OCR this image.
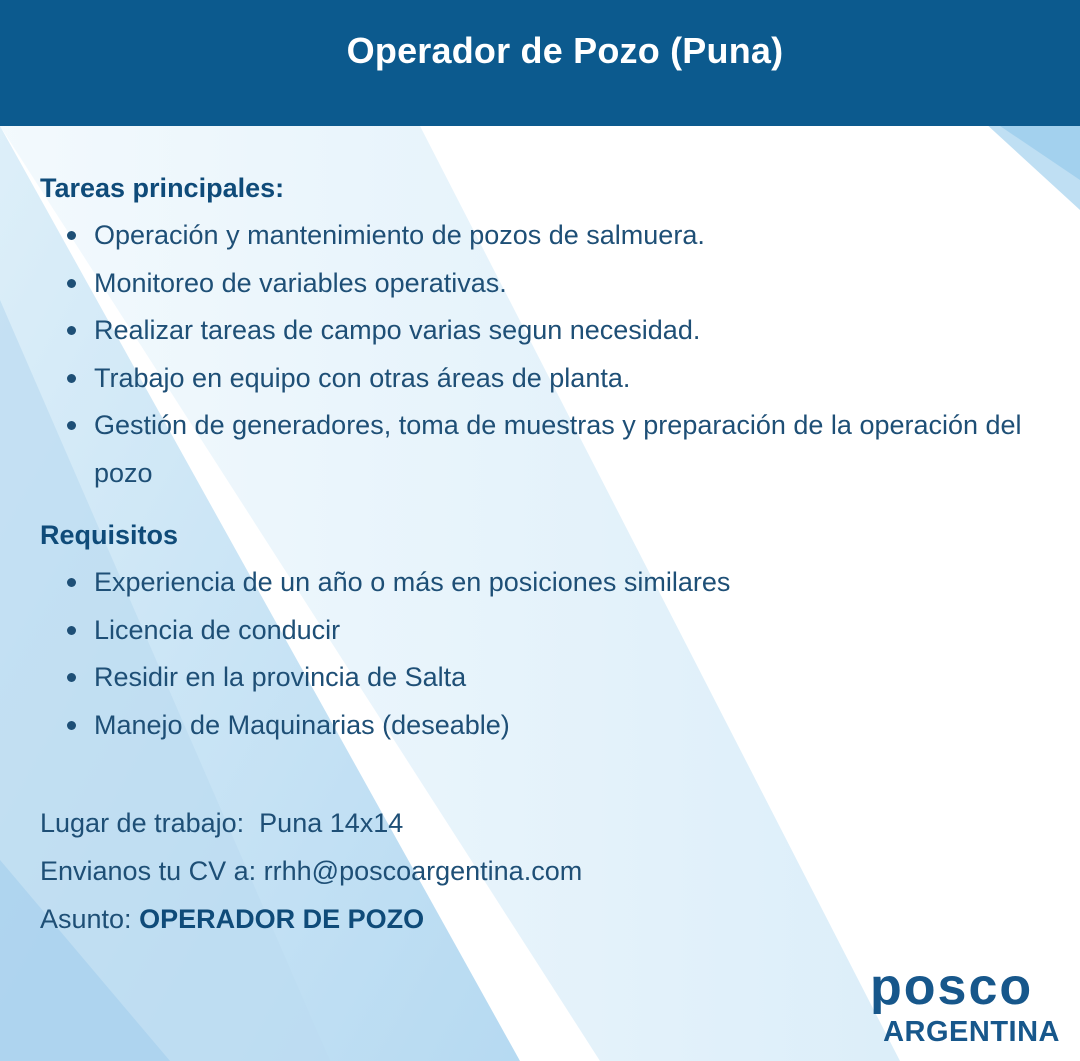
Operador de Pozo (Puna)
Tareas principales:
Operación y mantenimiento de pozos de salmuera.
Monitoreo de variables operativas.
Realizar tareas de campo varias segun necesidad.
Trabajo en equipo con otras áreas de planta.
Gestión de generadores, toma de muestras y preparación de la operación del pozo
Requisitos
Experiencia de un año o más en posiciones similares
Licencia de conducir
Residir en la provincia de Salta
Manejo de Maquinarias (deseable)
Lugar de trabajo: Puna 14x14
Envianos tu CV a: rrhh@poscoargentina.com
Asunto: OPERADOR DE POZO
posco
ARGENTINA
